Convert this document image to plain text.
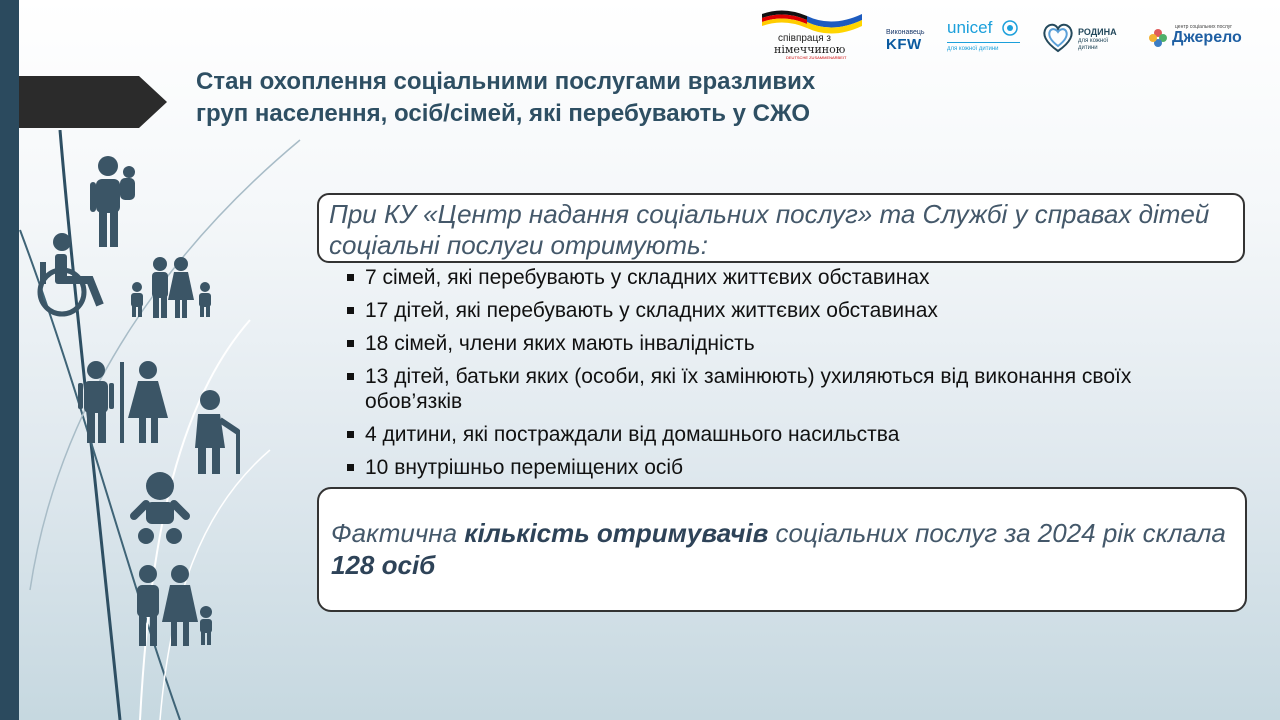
Стан охоплення соціальними послугами вразливих
груп населення, осіб/сімей, які перебувають у СЖО
співпраця з
німеччиною
DEUTSCHE ZUSAMMENARBEIT
Виконавець
KFW
unicef
для кожної дитини
РОДИНА
для кожної дитини
центр соціальних послуг
Джерело

При КУ «Центр надання соціальних послуг» та Службі у справах дітей соціальні послуги отримують:

7 сімей, які перебувають у складних життєвих обставинах
17 дітей, які перебувають у складних життєвих обставинах
18 сімей, члени яких мають інвалідність
13 дітей, батьки яких (особи, які їх замінюють) ухиляються від виконання своїх обов’язків
4 дитини, які постраждали від домашнього насильства
10 внутрішньо переміщених осіб

Фактична кількість отримувачів соціальних послуг за 2024 рік склала 128 осіб
